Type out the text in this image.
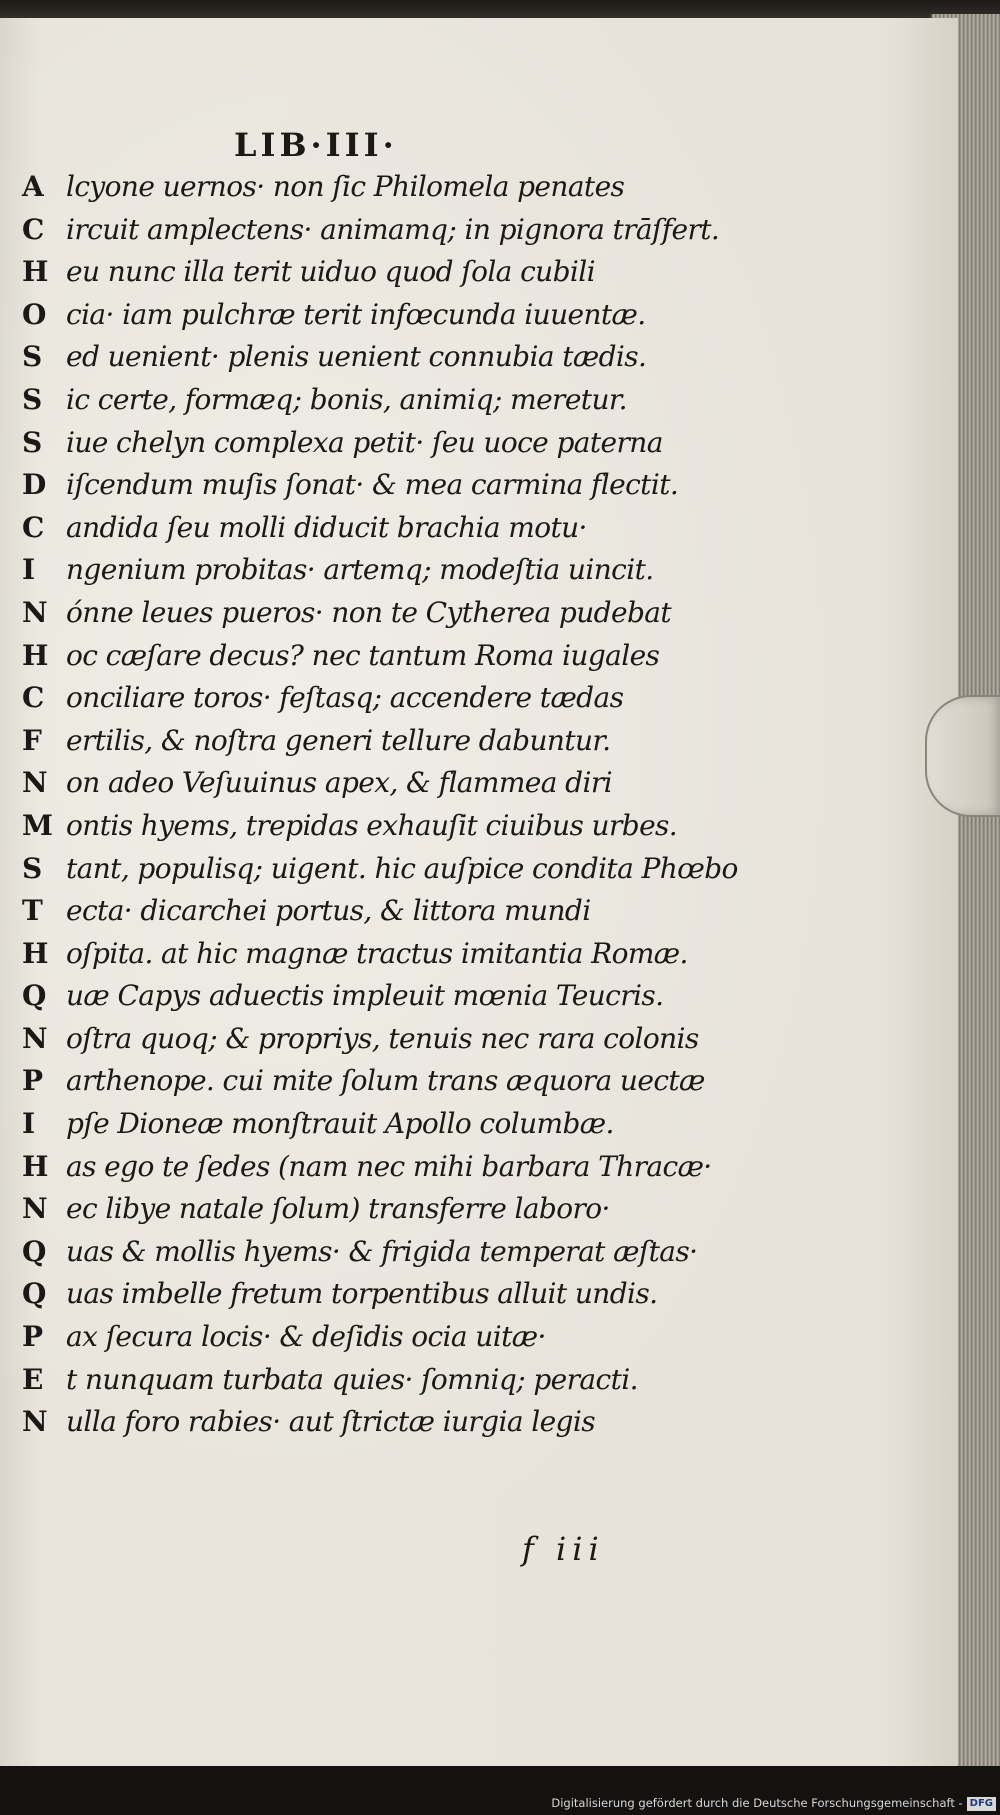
LIB·III·
A lcyone uernos· non ſic Philomela penates
C ircuit amplectens· animamq; in pignora trāſfert.
H eu nunc illa terit uiduo quod ſola cubili
O cia· iam pulchræ terit infœcunda iuuentæ.
S ed uenient· plenis uenient connubia tædis.
S ic certe, formæq; bonis, animiq; meretur.
S iue chelyn complexa petit· ſeu uoce paterna
D iſcendum muſis ſonat· & mea carmina flectit.
C andida ſeu molli diducit brachia motu·
I ngenium probitas· artemq; modeſtia uincit.
N ónne leues pueros· non te Cytherea pudebat
H oc cæſare decus? nec tantum Roma iugales
C onciliare toros· feſtasq; accendere tædas
F ertilis, & noſtra generi tellure dabuntur.
N on adeo Veſuuinus apex, & flammea diri
M ontis hyems, trepidas exhauſit ciuibus urbes.
S tant, populisq; uigent. hic auſpice condita Phœbo
T ecta· dicarchei portus, & littora mundi
H oſpita. at hic magnæ tractus imitantia Romæ.
Q uæ Capys aduectis impleuit mœnia Teucris.
N oſtra quoq; & propriys, tenuis nec rara colonis
P arthenope. cui mite ſolum trans æquora uectæ
I pſe Dioneæ monſtrauit Apollo columbæ.
H as ego te ſedes (nam nec mihi barbara Thracæ·
N ec libye natale ſolum) transferre laboro·
Q uas & mollis hyems· & frigida temperat æſtas·
Q uas imbelle fretum torpentibus alluit undis.
P ax ſecura locis· & deſidis ocia uitæ·
E t nunquam turbata quies· ſomniq; peracti.
N ulla foro rabies· aut ſtrictæ iurgia legis
f iii
Digitalisierung gefördert durch die Deutsche Forschungsgemeinschaft - DFG
